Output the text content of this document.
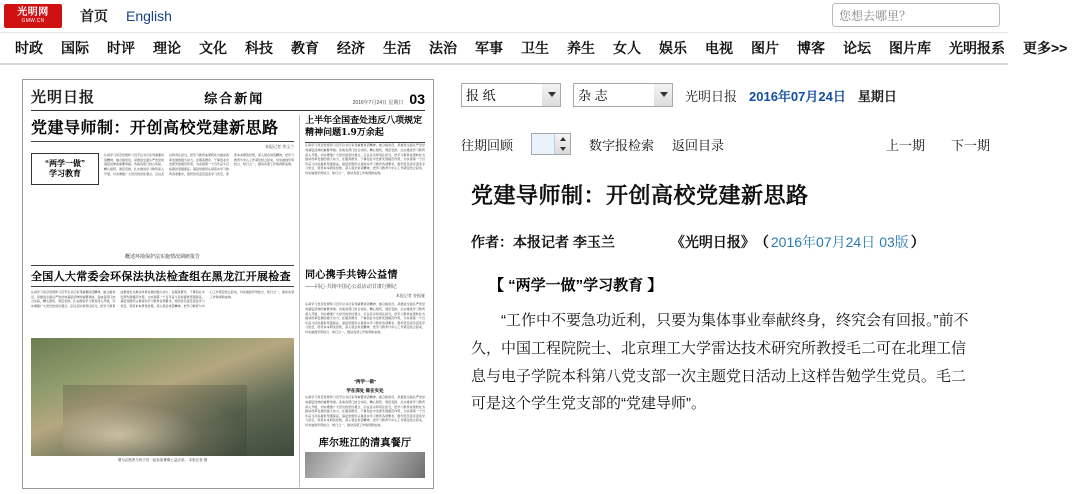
光明网
GMW.CN	首页 English	您想去哪里？
时政	国际	时评	理论	文化	科技	教育	经济	生活	法治	军事	卫生	养生	女人	娱乐	电视	图片	博客	论坛	图片库	光明报系	更多>>
光明日报	综合新闻	2016年7月24日 星期日 03
党建导师制：开创高校党建新思路
本报记者 李玉兰
“两学一做”
学习教育
认真学习党章党规和习近平总书记系列重要讲话精神，做合格党员，是推进全面从严治党向基层延伸的重要举措。各地各部门结合实际，精心组织，周密安排，扎实推进学习教育深入开展，切实增强广大党员的党性观念、宗旨意识和责任担当，把学习教育成果转化为推动改革发展的强大动力，在服务群众、干事创业中发挥先锋模范作用，为实现第一个百年奋斗目标提供坚强保证。基层党组织认真落实学习教育各项要求，组织党员逐章逐条学习党章，原原本本研读党规，深入领会讲话精神，把学习教育与中心工作紧密结合起来，切实做到学用结合、知行合一，推动各项工作取得新成效。
概述环境保护法实施情况调研报告
全国人大常委会环保法执法检查组在黑龙江开展检查
认真学习党章党规和习近平总书记系列重要讲话精神，做合格党员，是推进全面从严治党向基层延伸的重要举措。各地各部门结合实际，精心组织，周密安排，扎实推进学习教育深入开展，切实增强广大党员的党性观念、宗旨意识和责任担当，把学习教育成果转化为推动改革发展的强大动力，在服务群众、干事创业中发挥先锋模范作用，为实现第一个百年奋斗目标提供坚强保证。基层党组织认真落实学习教育各项要求，组织党员逐章逐条学习党章，原原本本研读党规，深入领会讲话精神，把学习教育与中心工作紧密结合起来，切实做到学用结合、知行合一，推动各项工作取得新成效。
图为志愿者与孩子们一起参加暑期公益活动。 本报记者 摄
上半年全国查处违反八项规定精神问题1.9万余起
认真学习党章党规和习近平总书记系列重要讲话精神，做合格党员，是推进全面从严治党向基层延伸的重要举措。各地各部门结合实际，精心组织，周密安排，扎实推进学习教育深入开展，切实增强广大党员的党性观念、宗旨意识和责任担当，把学习教育成果转化为推动改革发展的强大动力，在服务群众、干事创业中发挥先锋模范作用，为实现第一个百年奋斗目标提供坚强保证。基层党组织认真落实学习教育各项要求，组织党员逐章逐条学习党章，原原本本研读党规，深入领会讲话精神，把学习教育与中心工作紧密结合起来，切实做到学用结合、知行合一，推动各项工作取得新成效。
同心携手共铸公益情
——同心·共铸中国心公益活动甘肃行侧记
本报记者 金振娅
认真学习党章党规和习近平总书记系列重要讲话精神，做合格党员，是推进全面从严治党向基层延伸的重要举措。各地各部门结合实际，精心组织，周密安排，扎实推进学习教育深入开展，切实增强广大党员的党性观念、宗旨意识和责任担当，把学习教育成果转化为推动改革发展的强大动力，在服务群众、干事创业中发挥先锋模范作用，为实现第一个百年奋斗目标提供坚强保证。基层党组织认真落实学习教育各项要求，组织党员逐章逐条学习党章，原原本本研读党规，深入领会讲话精神，把学习教育与中心工作紧密结合起来，切实做到学用结合、知行合一，推动各项工作取得新成效。
“两学一做”
学在深处 做在实处
认真学习党章党规和习近平总书记系列重要讲话精神，做合格党员，是推进全面从严治党向基层延伸的重要举措。各地各部门结合实际，精心组织，周密安排，扎实推进学习教育深入开展，切实增强广大党员的党性观念、宗旨意识和责任担当，把学习教育成果转化为推动改革发展的强大动力，在服务群众、干事创业中发挥先锋模范作用，为实现第一个百年奋斗目标提供坚强保证。基层党组织认真落实学习教育各项要求，组织党员逐章逐条学习党章，原原本本研读党规，深入领会讲话精神，把学习教育与中心工作紧密结合起来，切实做到学用结合、知行合一，推动各项工作取得新成效。
库尔班江的清真餐厅
报 纸
杂 志
光明日报 2016年07月24日 星期日
往期回顾	数字报检索 返回目录	上一期 下一期
党建导师制：开创高校党建新思路
作者：本报记者 李玉兰	《光明日报》 （ 2016年07月24日 03版 ）
【 “两学一做”学习教育 】
“工作中不要急功近利，只要为集体事业奉献终身，终究会有回报。”前不久，中国工程院院士、北京理工大学雷达技术研究所教授毛二可在北理工信息与电子学院本科第八党支部一次主题党日活动上这样告勉学生党员。毛二可是这个学生党支部的“党建导师”。
